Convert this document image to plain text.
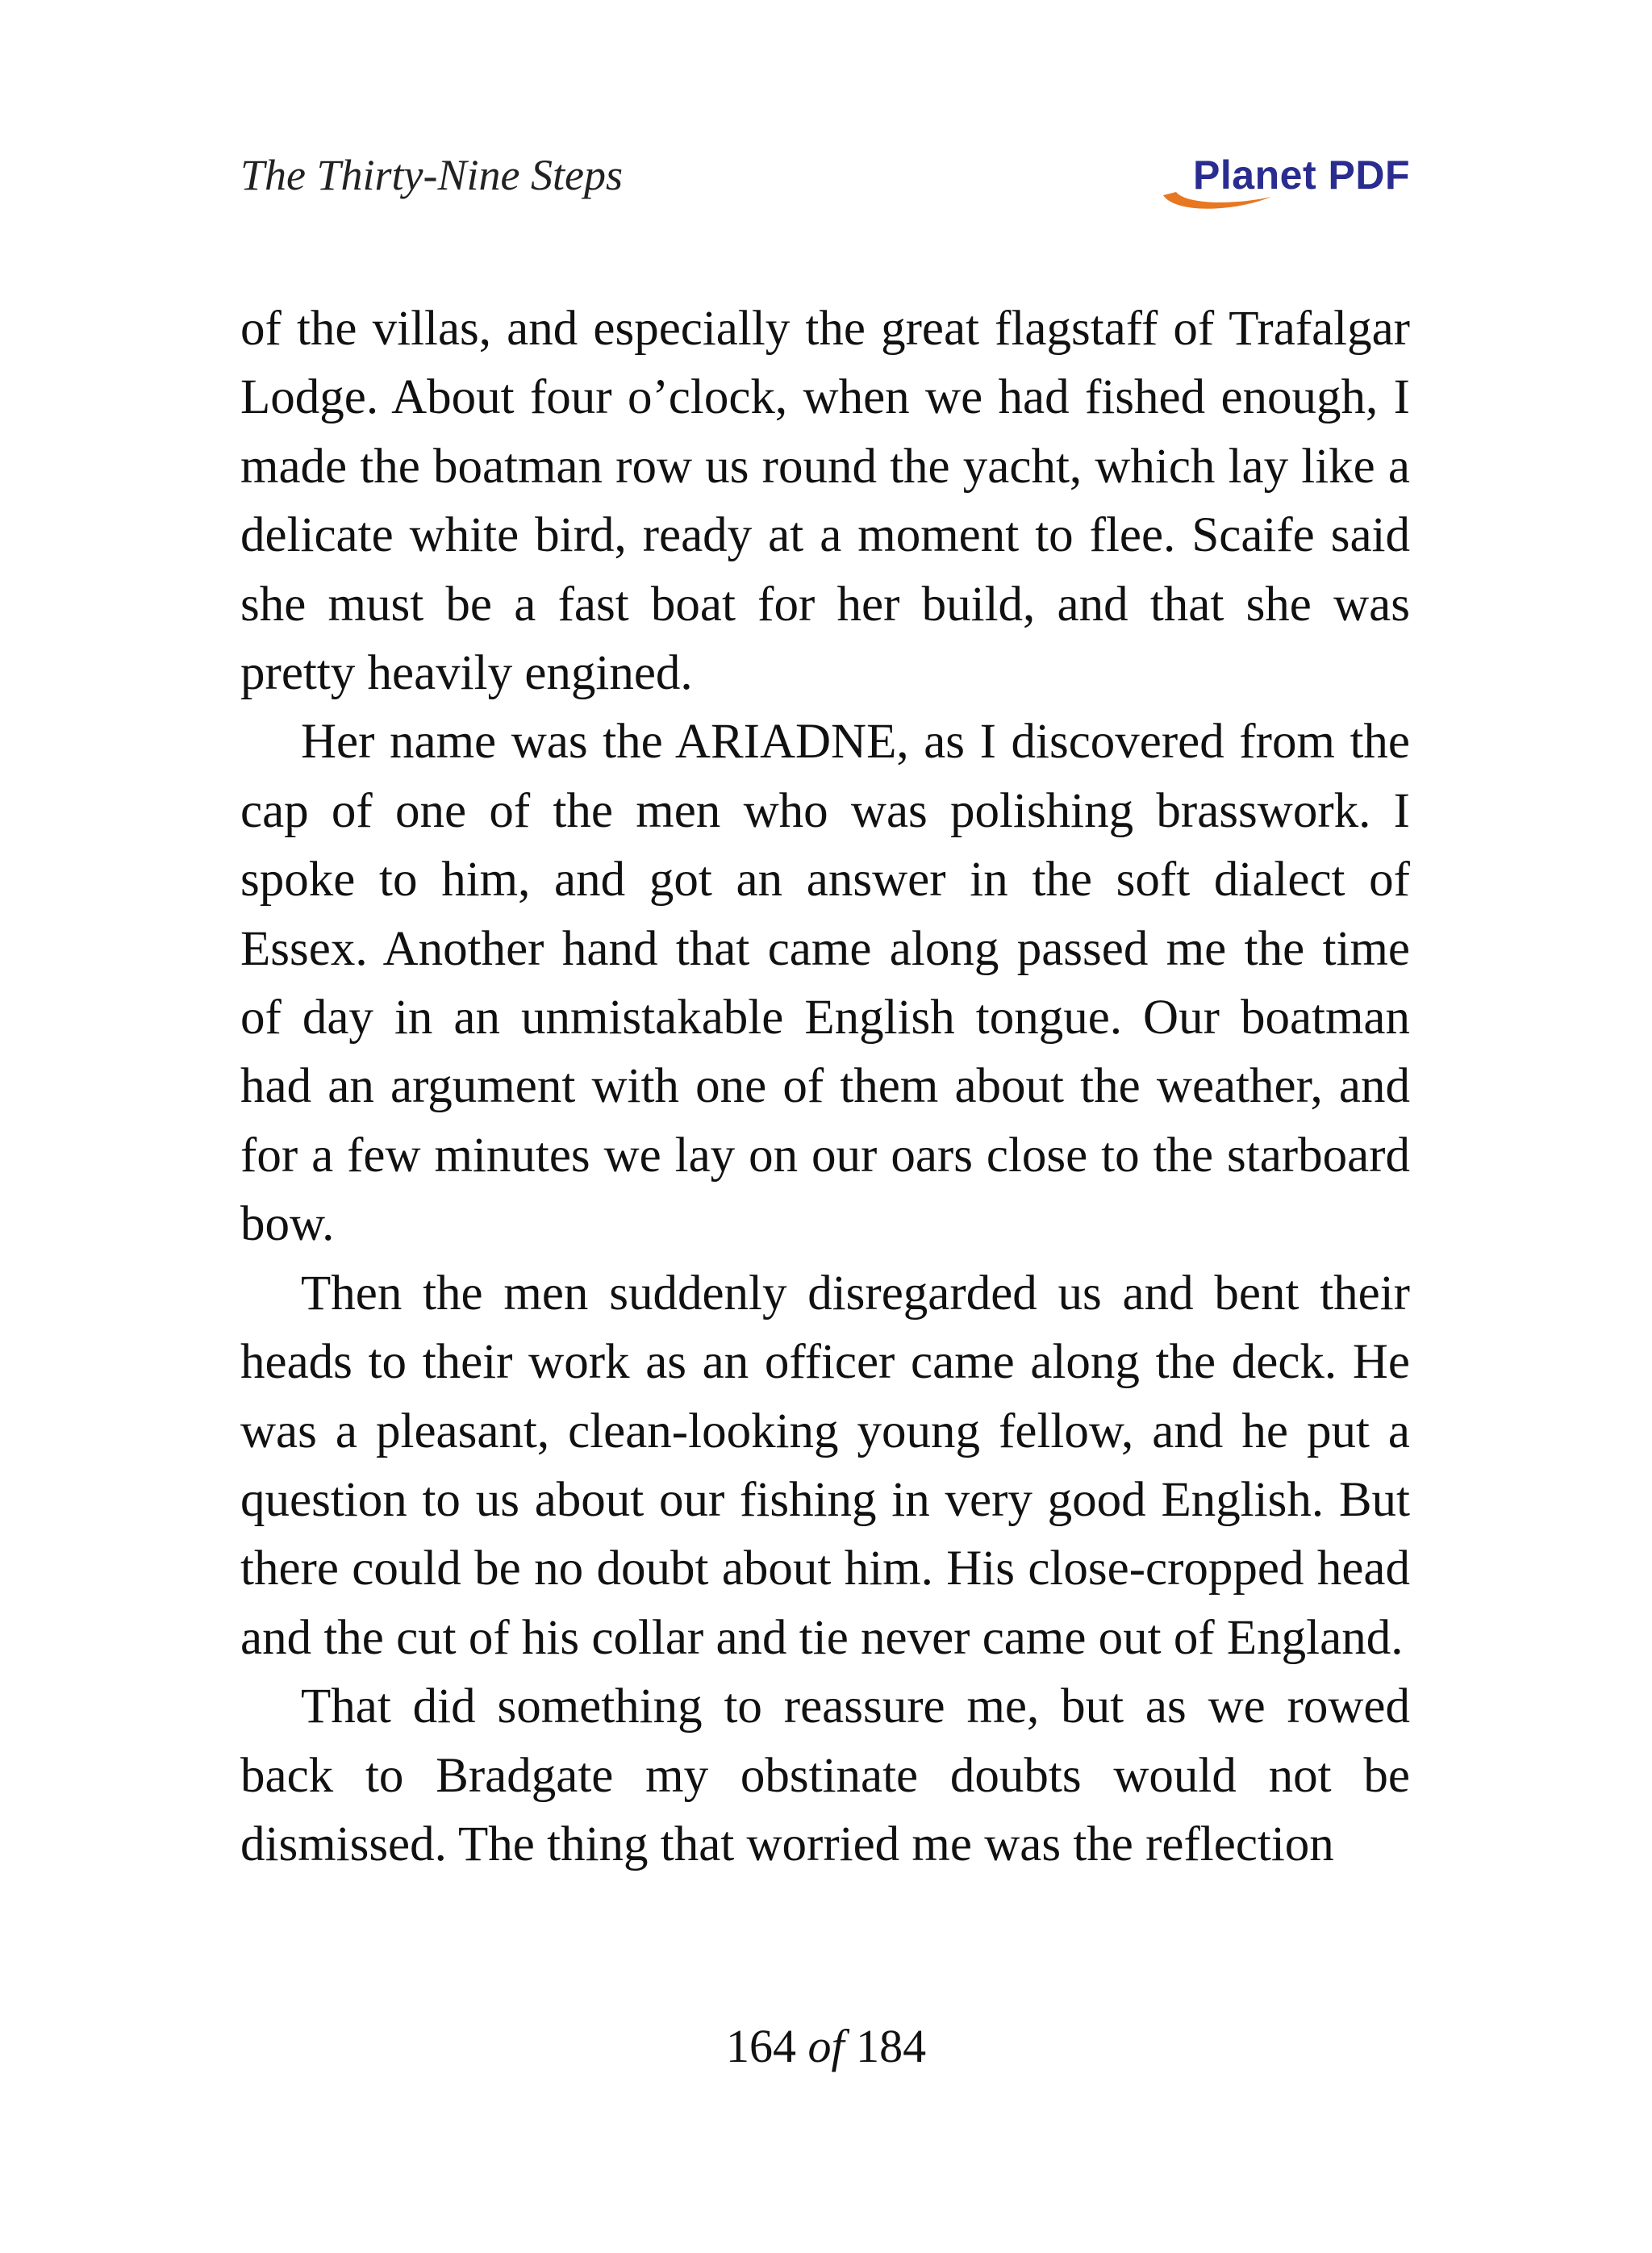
The Thirty-Nine Steps	Planet PDF

of the villas, and especially the great flagstaff of Trafalgar Lodge. About four o’clock, when we had fished enough, I made the boatman row us round the yacht, which lay like a delicate white bird, ready at a moment to flee. Scaife said she must be a fast boat for her build, and that she was pretty heavily engined.

Her name was the ARIADNE, as I discovered from the cap of one of the men who was polishing brasswork. I spoke to him, and got an answer in the soft dialect of Essex. Another hand that came along passed me the time of day in an unmistakable English tongue. Our boatman had an argument with one of them about the weather, and for a few minutes we lay on our oars close to the starboard bow.

Then the men suddenly disregarded us and bent their heads to their work as an officer came along the deck. He was a pleasant, clean-looking young fellow, and he put a question to us about our fishing in very good English. But there could be no doubt about him. His close-cropped head and the cut of his collar and tie never came out of England.

That did something to reassure me, but as we rowed back to Bradgate my obstinate doubts would not be dismissed. The thing that worried me was the reflection

164 of 184
